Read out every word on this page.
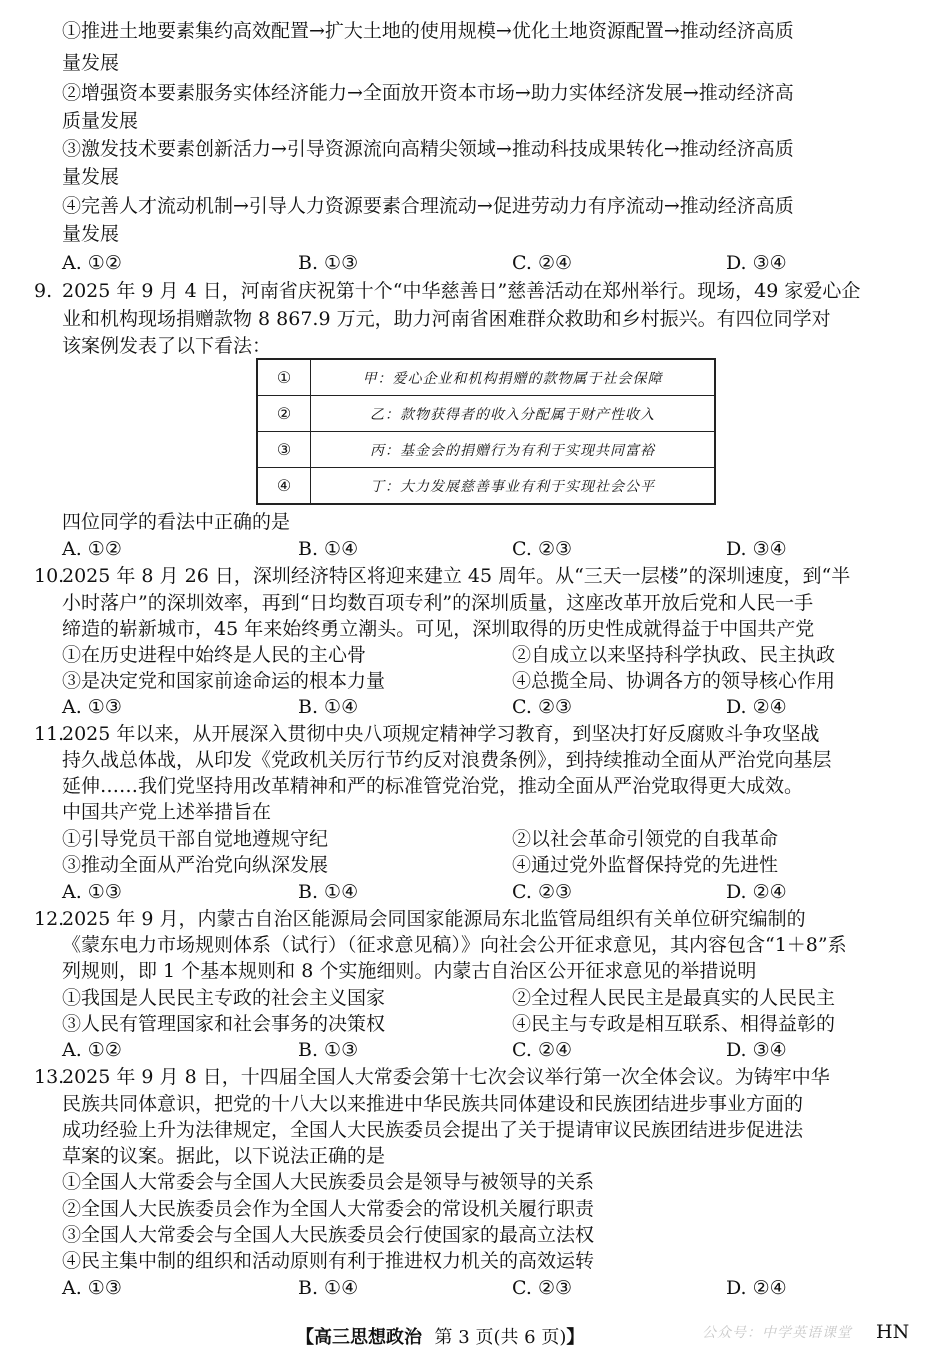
①推进土地要素集约高效配置→扩大土地的使用规模→优化土地资源配置→推动经济高质
量发展
②增强资本要素服务实体经济能力→全面放开资本市场→助力实体经济发展→推动经济高
质量发展
③激发技术要素创新活力→引导资源流向高精尖领域→推动科技成果转化→推动经济高质
量发展
④完善人才流动机制→引导人力资源要素合理流动→促进劳动力有序流动→推动经济高质
量发展
A. ①②	B. ①③	C. ②④	D. ③④
9. 2025 年 9 月 4 日，河南省庆祝第十个“中华慈善日”慈善活动在郑州举行。现场，49 家爱心企
业和机构现场捐赠款物 8 867.9 万元，助力河南省困难群众救助和乡村振兴。有四位同学对
该案例发表了以下看法：
①	甲：爱心企业和机构捐赠的款物属于社会保障
②	乙：款物获得者的收入分配属于财产性收入
③	丙：基金会的捐赠行为有利于实现共同富裕
④	丁：大力发展慈善事业有利于实现社会公平
四位同学的看法中正确的是
A. ①②	B. ①④	C. ②③	D. ③④
10.
2025 年 8 月 26 日，深圳经济特区将迎来建立 45 周年。从“三天一层楼”的深圳速度，到“半
小时落户”的深圳效率，再到“日均数百项专利”的深圳质量，这座改革开放后党和人民一手
缔造的崭新城市，45 年来始终勇立潮头。可见，深圳取得的历史性成就得益于中国共产党
①在历史进程中始终是人民的主心骨	②自成立以来坚持科学执政、民主执政
③是决定党和国家前途命运的根本力量	④总揽全局、协调各方的领导核心作用
A. ①③	B. ①④	C. ②③	D. ②④
11.
2025 年以来，从开展深入贯彻中央八项规定精神学习教育，到坚决打好反腐败斗争攻坚战
持久战总体战，从印发《党政机关厉行节约反对浪费条例》，到持续推动全面从严治党向基层
延伸……我们党坚持用改革精神和严的标准管党治党，推动全面从严治党取得更大成效。
中国共产党上述举措旨在
①引导党员干部自觉地遵规守纪	②以社会革命引领党的自我革命
③推动全面从严治党向纵深发展	④通过党外监督保持党的先进性
A. ①③	B. ①④	C. ②③	D. ②④
12.
2025 年 9 月，内蒙古自治区能源局会同国家能源局东北监管局组织有关单位研究编制的
《蒙东电力市场规则体系（试行）（征求意见稿）》向社会公开征求意见，其内容包含“1＋8”系
列规则，即 1 个基本规则和 8 个实施细则。内蒙古自治区公开征求意见的举措说明
①我国是人民民主专政的社会主义国家	②全过程人民民主是最真实的人民民主
③人民有管理国家和社会事务的决策权	④民主与专政是相互联系、相得益彰的
A. ①②	B. ①③	C. ②④	D. ③④
13.
2025 年 9 月 8 日，十四届全国人大常委会第十七次会议举行第一次全体会议。为铸牢中华
民族共同体意识，把党的十八大以来推进中华民族共同体建设和民族团结进步事业方面的
成功经验上升为法律规定，全国人大民族委员会提出了关于提请审议民族团结进步促进法
草案的议案。据此，以下说法正确的是
①全国人大常委会与全国人大民族委员会是领导与被领导的关系
②全国人大民族委员会作为全国人大常委会的常设机关履行职责
③全国人大常委会与全国人大民族委员会行使国家的最高立法权
④民主集中制的组织和活动原则有利于推进权力机关的高效运转
A. ①③	B. ①④	C. ②③	D. ②④
【高三思想政治 第 3 页(共 6 页)】	公众号：中学英语课堂 HN
